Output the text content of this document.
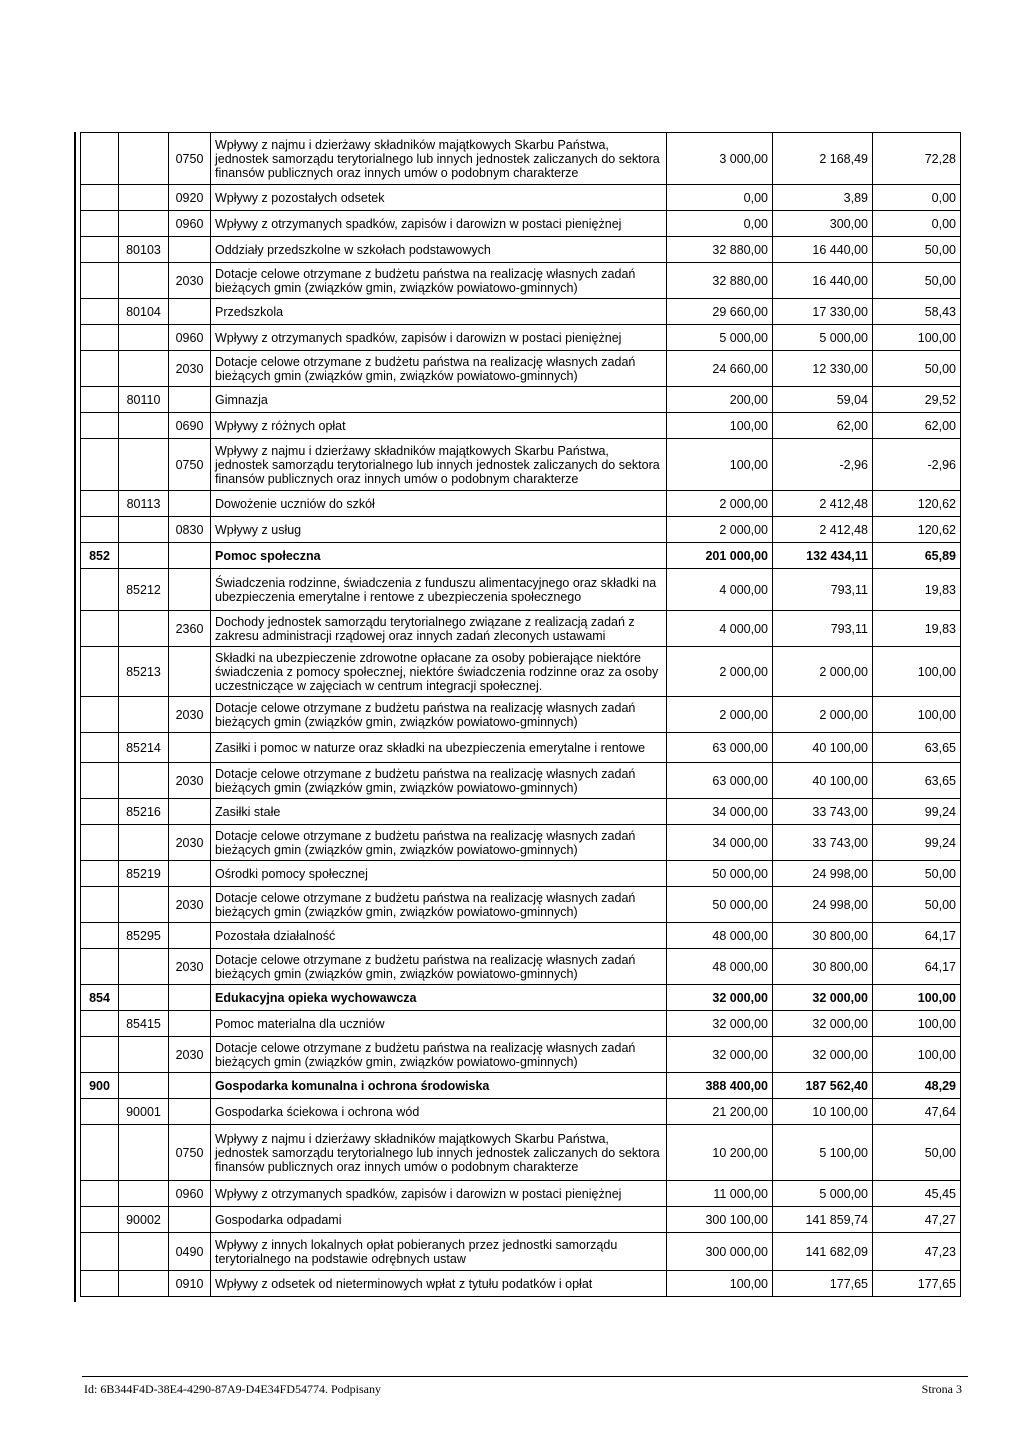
		0750	Wpływy z najmu i dzierżawy składników majątkowych Skarbu Państwa, jednostek samorządu terytorialnego lub innych jednostek zaliczanych do sektora finansów publicznych oraz innych umów o podobnym charakterze	3 000,00	2 168,49	72,28
		0920	Wpływy z pozostałych odsetek	0,00	3,89	0,00
		0960	Wpływy z otrzymanych spadków, zapisów i darowizn w postaci pieniężnej	0,00	300,00	0,00
	80103		Oddziały przedszkolne w szkołach podstawowych	32 880,00	16 440,00	50,00
		2030	Dotacje celowe otrzymane z budżetu państwa na realizację własnych zadań bieżących gmin (związków gmin, związków powiatowo-gminnych)	32 880,00	16 440,00	50,00
	80104		Przedszkola	29 660,00	17 330,00	58,43
		0960	Wpływy z otrzymanych spadków, zapisów i darowizn w postaci pieniężnej	5 000,00	5 000,00	100,00
		2030	Dotacje celowe otrzymane z budżetu państwa na realizację własnych zadań bieżących gmin (związków gmin, związków powiatowo-gminnych)	24 660,00	12 330,00	50,00
	80110		Gimnazja	200,00	59,04	29,52
		0690	Wpływy z różnych opłat	100,00	62,00	62,00
		0750	Wpływy z najmu i dzierżawy składników majątkowych Skarbu Państwa, jednostek samorządu terytorialnego lub innych jednostek zaliczanych do sektora finansów publicznych oraz innych umów o podobnym charakterze	100,00	-2,96	-2,96
	80113		Dowożenie uczniów do szkół	2 000,00	2 412,48	120,62
		0830	Wpływy z usług	2 000,00	2 412,48	120,62
852			Pomoc społeczna	201 000,00	132 434,11	65,89
	85212		Świadczenia rodzinne, świadczenia z funduszu alimentacyjnego oraz składki na ubezpieczenia emerytalne i rentowe z ubezpieczenia społecznego	4 000,00	793,11	19,83
		2360	Dochody jednostek samorządu terytorialnego związane z realizacją zadań z zakresu administracji rządowej oraz innych zadań zleconych ustawami	4 000,00	793,11	19,83
	85213		Składki na ubezpieczenie zdrowotne opłacane za osoby pobierające niektóre świadczenia z pomocy społecznej, niektóre świadczenia rodzinne oraz za osoby uczestniczące w zajęciach w centrum integracji społecznej.	2 000,00	2 000,00	100,00
		2030	Dotacje celowe otrzymane z budżetu państwa na realizację własnych zadań bieżących gmin (związków gmin, związków powiatowo-gminnych)	2 000,00	2 000,00	100,00
	85214		Zasiłki i pomoc w naturze oraz składki na ubezpieczenia emerytalne i rentowe	63 000,00	40 100,00	63,65
		2030	Dotacje celowe otrzymane z budżetu państwa na realizację własnych zadań bieżących gmin (związków gmin, związków powiatowo-gminnych)	63 000,00	40 100,00	63,65
	85216		Zasiłki stałe	34 000,00	33 743,00	99,24
		2030	Dotacje celowe otrzymane z budżetu państwa na realizację własnych zadań bieżących gmin (związków gmin, związków powiatowo-gminnych)	34 000,00	33 743,00	99,24
	85219		Ośrodki pomocy społecznej	50 000,00	24 998,00	50,00
		2030	Dotacje celowe otrzymane z budżetu państwa na realizację własnych zadań bieżących gmin (związków gmin, związków powiatowo-gminnych)	50 000,00	24 998,00	50,00
	85295		Pozostała działalność	48 000,00	30 800,00	64,17
		2030	Dotacje celowe otrzymane z budżetu państwa na realizację własnych zadań bieżących gmin (związków gmin, związków powiatowo-gminnych)	48 000,00	30 800,00	64,17
854			Edukacyjna opieka wychowawcza	32 000,00	32 000,00	100,00
	85415		Pomoc materialna dla uczniów	32 000,00	32 000,00	100,00
		2030	Dotacje celowe otrzymane z budżetu państwa na realizację własnych zadań bieżących gmin (związków gmin, związków powiatowo-gminnych)	32 000,00	32 000,00	100,00
900			Gospodarka komunalna i ochrona środowiska	388 400,00	187 562,40	48,29
	90001		Gospodarka ściekowa i ochrona wód	21 200,00	10 100,00	47,64
		0750	Wpływy z najmu i dzierżawy składników majątkowych Skarbu Państwa, jednostek samorządu terytorialnego lub innych jednostek zaliczanych do sektora finansów publicznych oraz innych umów o podobnym charakterze	10 200,00	5 100,00	50,00
		0960	Wpływy z otrzymanych spadków, zapisów i darowizn w postaci pieniężnej	11 000,00	5 000,00	45,45
	90002		Gospodarka odpadami	300 100,00	141 859,74	47,27
		0490	Wpływy z innych lokalnych opłat pobieranych przez jednostki samorządu terytorialnego na podstawie odrębnych ustaw	300 000,00	141 682,09	47,23
		0910	Wpływy z odsetek od nieterminowych wpłat z tytułu podatków i opłat	100,00	177,65	177,65
Id: 6B344F4D-38E4-4290-87A9-D4E34FD54774. Podpisany	Strona 3
